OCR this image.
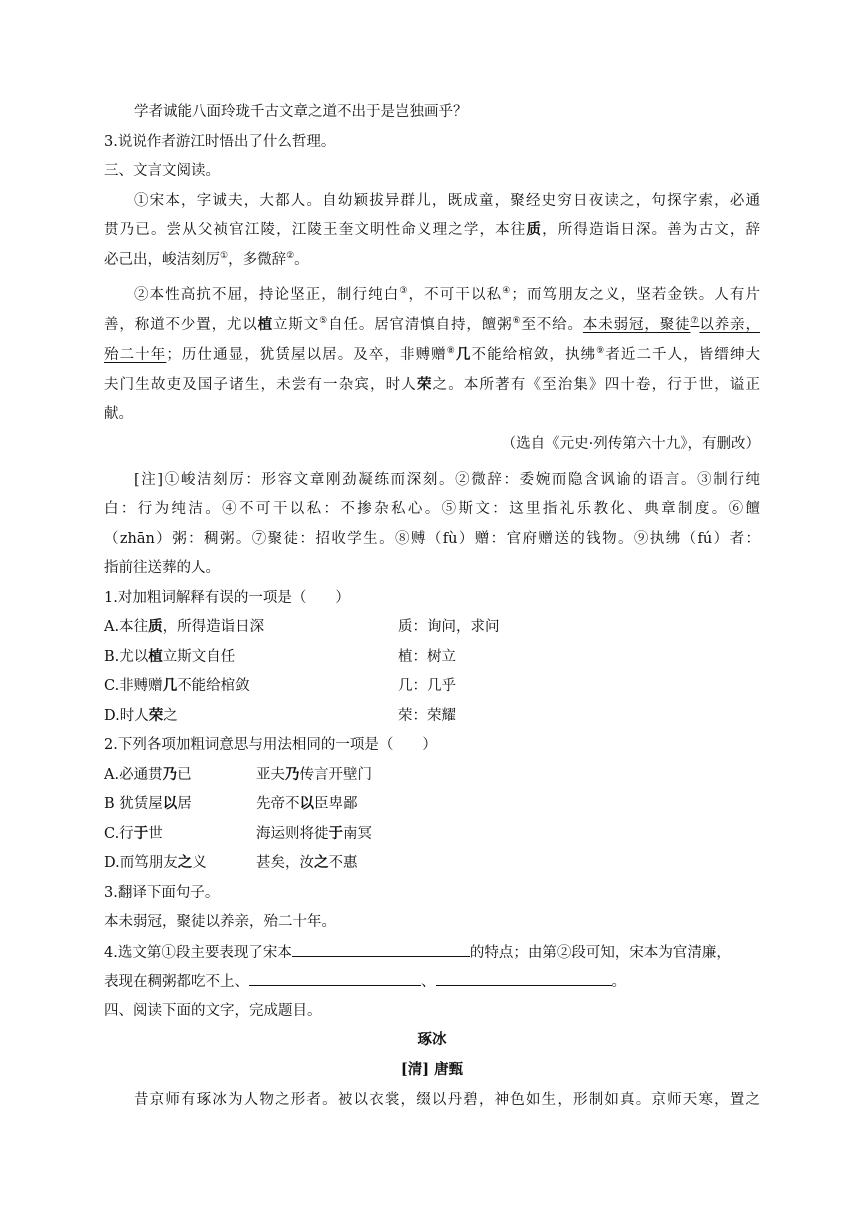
学者诚能八面玲珑千古文章之道不出于是岂独画乎？
3.说说作者游江时悟出了什么哲理。
三、文言文阅读。
①宋本，字诚夫，大都人。自幼颖拔异群儿，既成童，聚经史穷日夜读之，句探字索，必通
贯乃已。尝从父祯官江陵，江陵王奎文明性命义理之学，本往质，所得造诣日深。善为古文，辞
必己出，峻洁刻厉①，多微辞②。
②本性高抗不屈，持论坚正，制行纯白③，不可干以私④；而笃朋友之义，坚若金铁。人有片
善，称道不少置，尤以植立斯文⑤自任。居官清慎自持，饘粥⑥至不给。本未弱冠，聚徒⑦以养亲，
殆二十年；历仕通显，犹赁屋以居。及卒，非赙赠⑧几不能给棺敛，执绋⑨者近二千人，皆缙绅大
夫门生故吏及国子诸生，未尝有一杂宾，时人荣之。本所著有《至治集》四十卷，行于世，谥正
献。
（选自《元史·列传第六十九》，有删改）
[注]①峻洁刻厉：形容文章刚劲凝练而深刻。②微辞：委婉而隐含讽谕的语言。③制行纯
白：行为纯洁。④不可干以私：不掺杂私心。⑤斯文：这里指礼乐教化、典章制度。⑥饘
（zhān）粥：稠粥。⑦聚徒：招收学生。⑧赙（fù）赠：官府赠送的钱物。⑨执绋（fú）者：
指前往送葬的人。
1.对加粗词解释有误的一项是（　　）
A.本往质，所得造诣日深	质：询问，求问
B.尤以植立斯文自任	植：树立
C.非赙赠几不能给棺敛	几：几乎
D.时人荣之	荣：荣耀
2.下列各项加粗词意思与用法相同的一项是（　　）
A.必通贯乃已	亚夫乃传言开壁门
B 犹赁屋以居	先帝不以臣卑鄙
C.行于世	海运则将徙于南冥
D.而笃朋友之义	甚矣，汝之不惠
3.翻译下面句子。
本未弱冠，聚徒以养亲，殆二十年。
4.选文第①段主要表现了宋本	的特点；由第②段可知，宋本为官清廉，
表现在稠粥都吃不上、	、	。
四、阅读下面的文字，完成题目。
琢冰
[清] 唐甄
昔京师有琢冰为人物之形者。被以衣裳，缀以丹碧，神色如生，形制如真。京师天寒，置之
